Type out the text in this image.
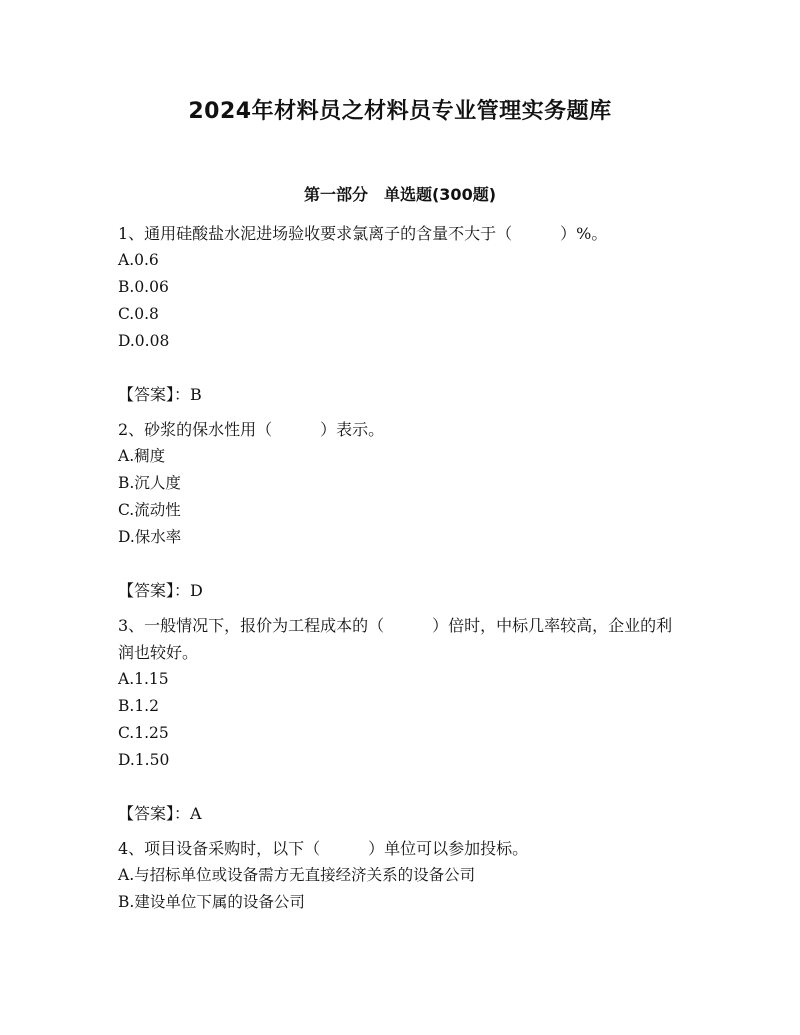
2024年材料员之材料员专业管理实务题库
第一部分　单选题(300题)

1、通用硅酸盐水泥进场验收要求氯离子的含量不大于（　　　）%。

A.0.6

B.0.06

C.0.8

D.0.08

【答案】：B

2、砂浆的保水性用（　　　）表示。

A.稠度

B.沉人度

C.流动性

D.保水率

【答案】：D

3、一般情况下，报价为工程成本的（　　　）倍时，中标几率较高，企业的利润也较好。

A.1.15

B.1.2

C.1.25

D.1.50

【答案】：A

4、项目设备采购时，以下（　　　）单位可以参加投标。

A.与招标单位或设备需方无直接经济关系的设备公司

B.建设单位下属的设备公司
